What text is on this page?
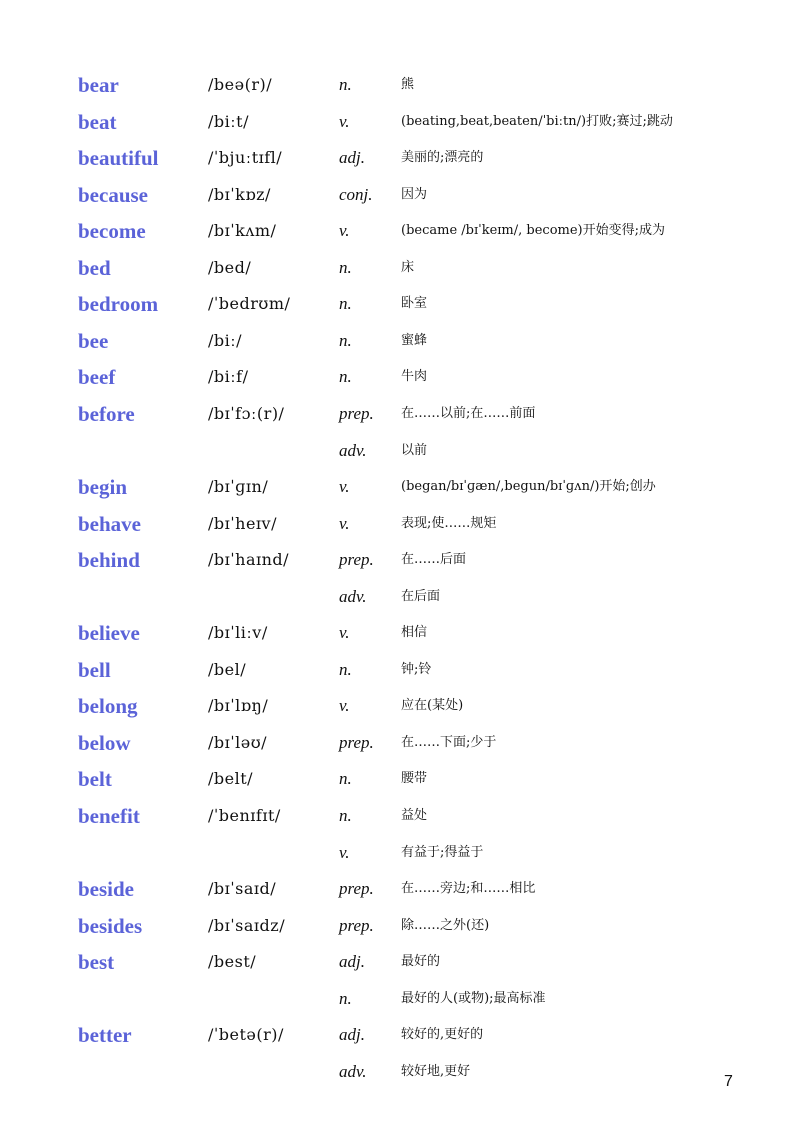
bear	/beə(r)/	n.	熊
beat	/biːt/	v.	(beating,beat,beaten/ˈbiːtn/)打败;赛过;跳动
beautiful	/ˈbjuːtɪfl/	adj.	美丽的;漂亮的
because	/bɪˈkɒz/	conj. 因为
become	/bɪˈkʌm/	v.	(became /bɪˈkeɪm/, become)开始变得;成为
bed	/bed/	n.	床
bedroom	/ˈbedrʊm/	n.	卧室
bee	/biː/	n.	蜜蜂
beef	/biːf/	n.	牛肉
before	/bɪˈfɔː(r)/	prep. 在……以前;在……前面
adv.	以前
begin	/bɪˈɡɪn/	v.	(began/bɪˈɡæn/,begun/bɪˈɡʌn/)开始;创办
behave	/bɪˈheɪv/	v.	表现;使……规矩
behind	/bɪˈhaɪnd/	prep. 在……后面
adv.	在后面
believe	/bɪˈliːv/	v.	相信
bell	/bel/	n.	钟;铃
belong	/bɪˈlɒŋ/	v.	应在(某处)
below	/bɪˈləʊ/	prep. 在……下面;少于
belt	/belt/	n.	腰带
benefit	/ˈbenɪfɪt/	n.	益处
v.	有益于;得益于
beside	/bɪˈsaɪd/	prep. 在……旁边;和……相比
besides	/bɪˈsaɪdz/	prep. 除……之外(还)
best	/best/	adj.	最好的
n.	最好的人(或物);最高标准
better	/ˈbetə(r)/	adj.	较好的,更好的
adv.	较好地,更好
7
